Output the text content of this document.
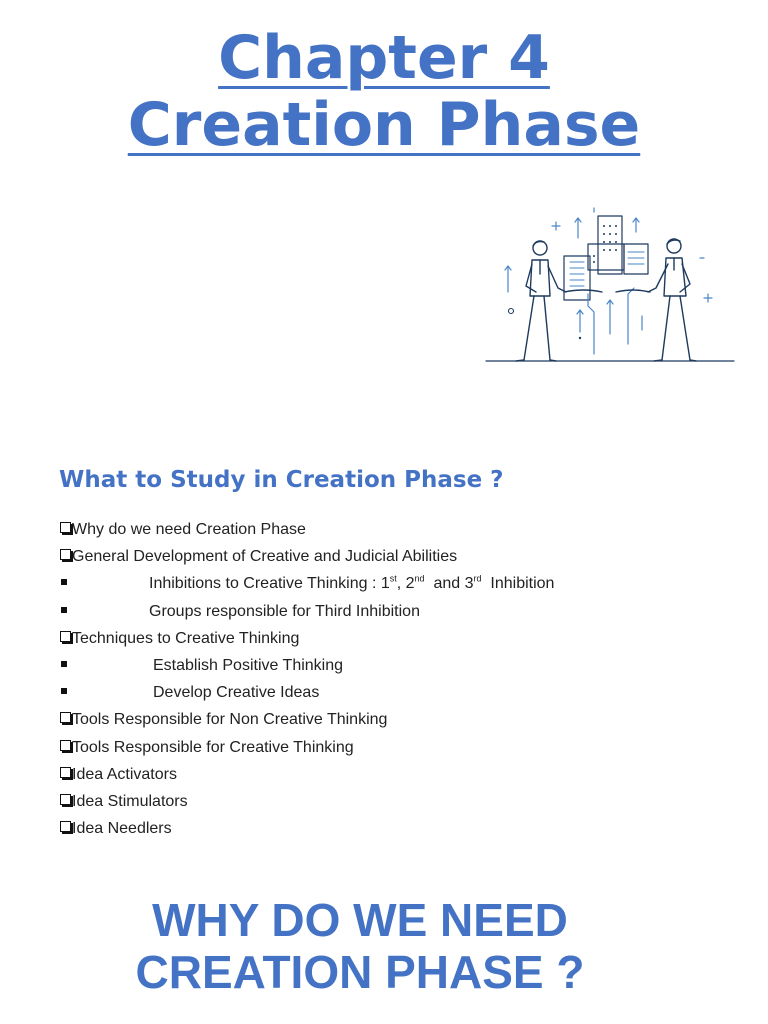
Chapter 4
Creation Phase
What to Study in Creation Phase ?
Why do we need Creation Phase
General Development of Creative and Judicial Abilities
Inhibitions to Creative Thinking : 1st, 2nd  and 3rd  Inhibition
Groups responsible for Third Inhibition
Techniques to Creative Thinking
Establish Positive Thinking
Develop Creative Ideas
Tools Responsible for Non Creative Thinking
Tools Responsible for Creative Thinking
Idea Activators
Idea Stimulators
Idea Needlers
WHY DO WE NEED
CREATION PHASE ?
